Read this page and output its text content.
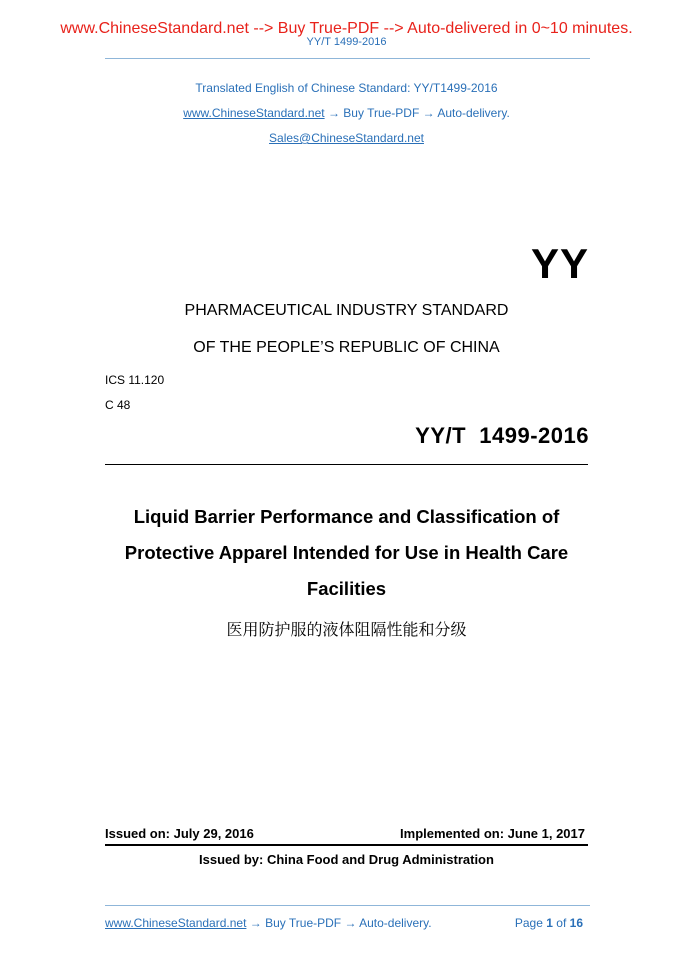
www.ChineseStandard.net --> Buy True-PDF --> Auto-delivered in 0~10 minutes.
YY/T 1499-2016
Translated English of Chinese Standard: YY/T1499-2016
www.ChineseStandard.net → Buy True-PDF → Auto-delivery.
Sales@ChineseStandard.net
YY
PHARMACEUTICAL INDUSTRY STANDARD
OF THE PEOPLE’S REPUBLIC OF CHINA
ICS 11.120
C 48
YY/T  1499-2016
Liquid Barrier Performance and Classification of
Protective Apparel Intended for Use in Health Care
Facilities
医用防护服的液体阻隔性能和分级
Issued on: July 29, 2016	Implemented on: June 1, 2017
Issued by: China Food and Drug Administration
www.ChineseStandard.net → Buy True-PDF → Auto-delivery.	Page 1 of 16
